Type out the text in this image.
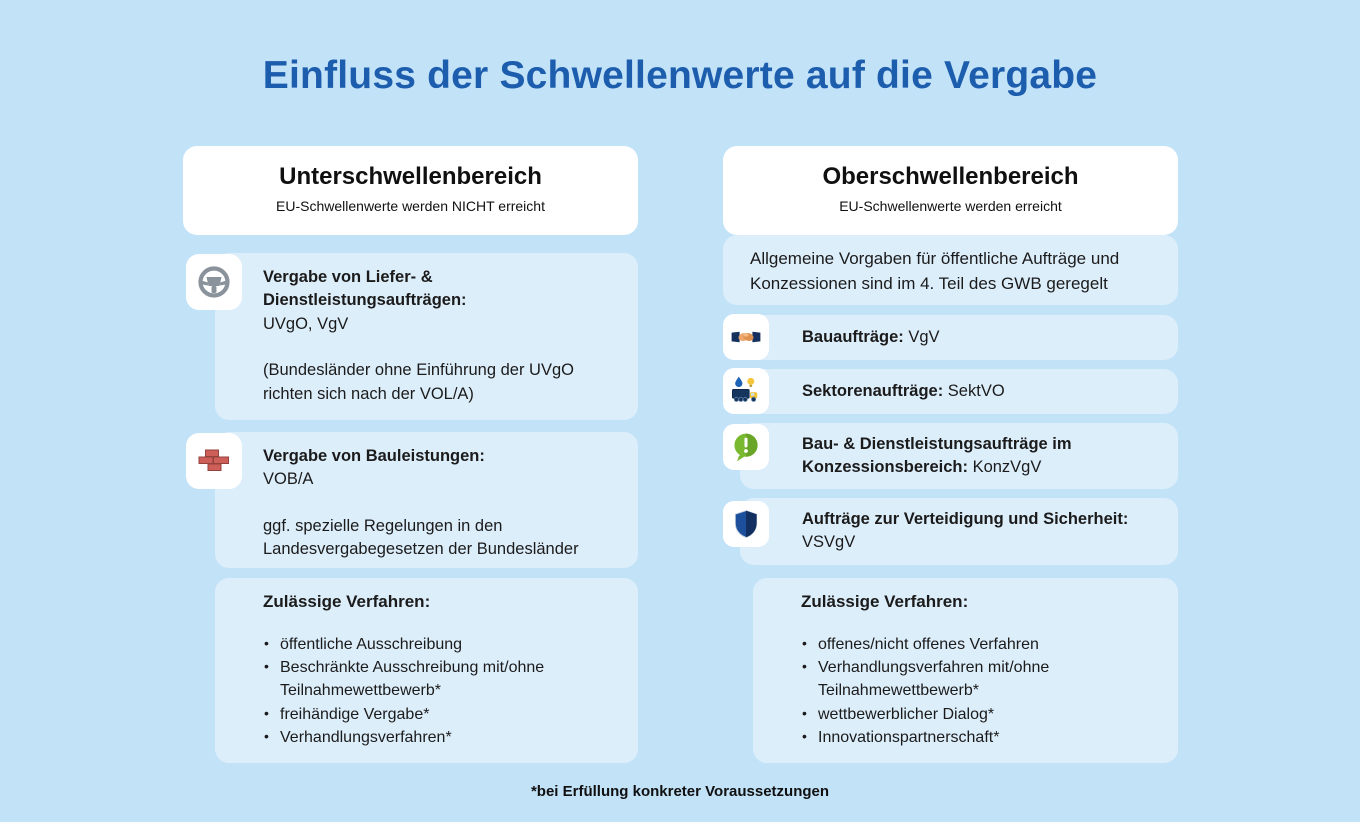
Einfluss der Schwellenwerte auf die Vergabe
Unterschwellenbereich
EU-Schwellenwerte werden NICHT erreicht
Vergabe von Liefer- & Dienstleistungsaufträgen:
UVgO, VgV
(Bundesländer ohne Einführung der UVgO richten sich nach der VOL/A)
Vergabe von Bauleistungen:
VOB/A
ggf. spezielle Regelungen in den Landesvergabegesetzen der Bundesländer
Zulässige Verfahren:
• öffentliche Ausschreibung
• Beschränkte Ausschreibung mit/ohne Teilnahmewettbewerb*
• freihändige Vergabe*
• Verhandlungsverfahren*
Oberschwellenbereich
EU-Schwellenwerte werden erreicht
Allgemeine Vorgaben für öffentliche Aufträge und Konzessionen sind im 4. Teil des GWB geregelt

Bauaufträge: VgV

Sektorenaufträge: SektVO

Bau- & Dienstleistungsaufträge im Konzessionsbereich: KonzVgV

Aufträge zur Verteidigung und Sicherheit: VSVgV

Zulässige Verfahren:
• offenes/nicht offenes Verfahren
• Verhandlungsverfahren mit/ohne Teilnahmewettbewerb*
• wettbewerblicher Dialog*
• Innovationspartnerschaft*
*bei Erfüllung konkreter Voraussetzungen
